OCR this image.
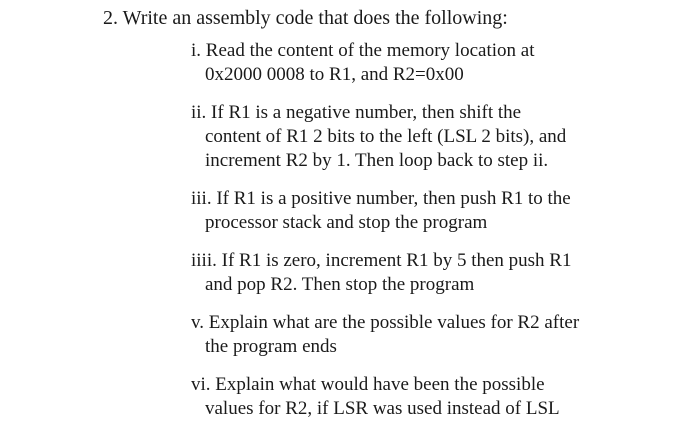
2. Write an assembly code that does the following:
i. Read the content of the memory location at
0x2000 0008 to R1, and R2=0x00
ii. If R1 is a negative number, then shift the
content of R1 2 bits to the left (LSL 2 bits), and
increment R2 by 1. Then loop back to step ii.
iii. If R1 is a positive number, then push R1 to the
processor stack and stop the program
iiii. If R1 is zero, increment R1 by 5 then push R1
and pop R2. Then stop the program
v. Explain what are the possible values for R2 after
the program ends
vi. Explain what would have been the possible
values for R2, if LSR was used instead of LSL
